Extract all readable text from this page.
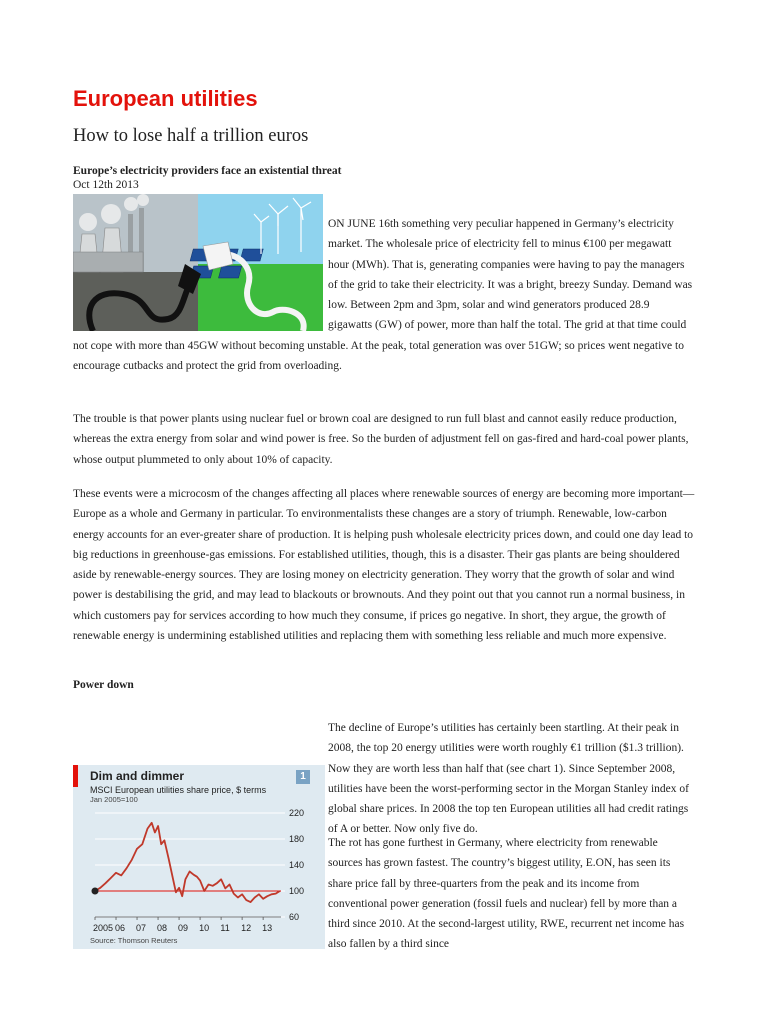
European utilities
How to lose half a trillion euros
Europe’s electricity providers face an existential threat
Oct 12th 2013

ON JUNE 16th something very peculiar happened in Germany’s electricity market. The wholesale price of electricity fell to minus €100 per megawatt hour (MWh). That is, generating companies were having to pay the managers of the grid to take their electricity. It was a bright, breezy Sunday. Demand was low. Between 2pm and 3pm, solar and wind generators produced 28.9 gigawatts (GW) of power, more than half the total. The grid at that time could not cope with more than 45GW without becoming unstable. At the peak, total generation was over 51GW; so prices went negative to encourage cutbacks and protect the grid from overloading.

The trouble is that power plants using nuclear fuel or brown coal are designed to run full blast and cannot easily reduce production, whereas the extra energy from solar and wind power is free. So the burden of adjustment fell on gas-fired and hard-coal power plants, whose output plummeted to only about 10% of capacity.

These events were a microcosm of the changes affecting all places where renewable sources of energy are becoming more important—Europe as a whole and Germany in particular. To environmentalists these changes are a story of triumph. Renewable, low-carbon energy accounts for an ever-greater share of production. It is helping push wholesale electricity prices down, and could one day lead to big reductions in greenhouse-gas emissions. For established utilities, though, this is a disaster. Their gas plants are being shouldered aside by renewable-energy sources. They are losing money on electricity generation. They worry that the growth of solar and wind power is destabilising the grid, and may lead to blackouts or brownouts. And they point out that you cannot run a normal business, in which customers pay for services according to how much they consume, if prices go negative. In short, they argue, the growth of renewable energy is undermining established utilities and replacing them with something less reliable and much more expensive.

Power down

The decline of Europe’s utilities has certainly been startling. At their peak in 2008, the top 20 energy utilities were worth roughly €1 trillion ($1.3 trillion). Now they are worth less than half that (see chart 1). Since September 2008, utilities have been the worst-performing sector in the Morgan Stanley index of global share prices. In 2008 the top ten European utilities all had credit ratings of A or better. Now only five do.

The rot has gone furthest in Germany, where electricity from renewable sources has grown fastest. The country’s biggest utility, E.ON, has seen its share price fall by three-quarters from the peak and its income from conventional power generation (fossil fuels and nuclear) fell by more than a third since 2010. At the second-largest utility, RWE, recurrent net income has also fallen by a third since

Dim and dimmer
MSCI European utilities share price, $ terms
Jan 2005=100
1
60
100
140
180
220
2005 06 07 08 09 10 11 12 13
Source: Thomson Reuters
